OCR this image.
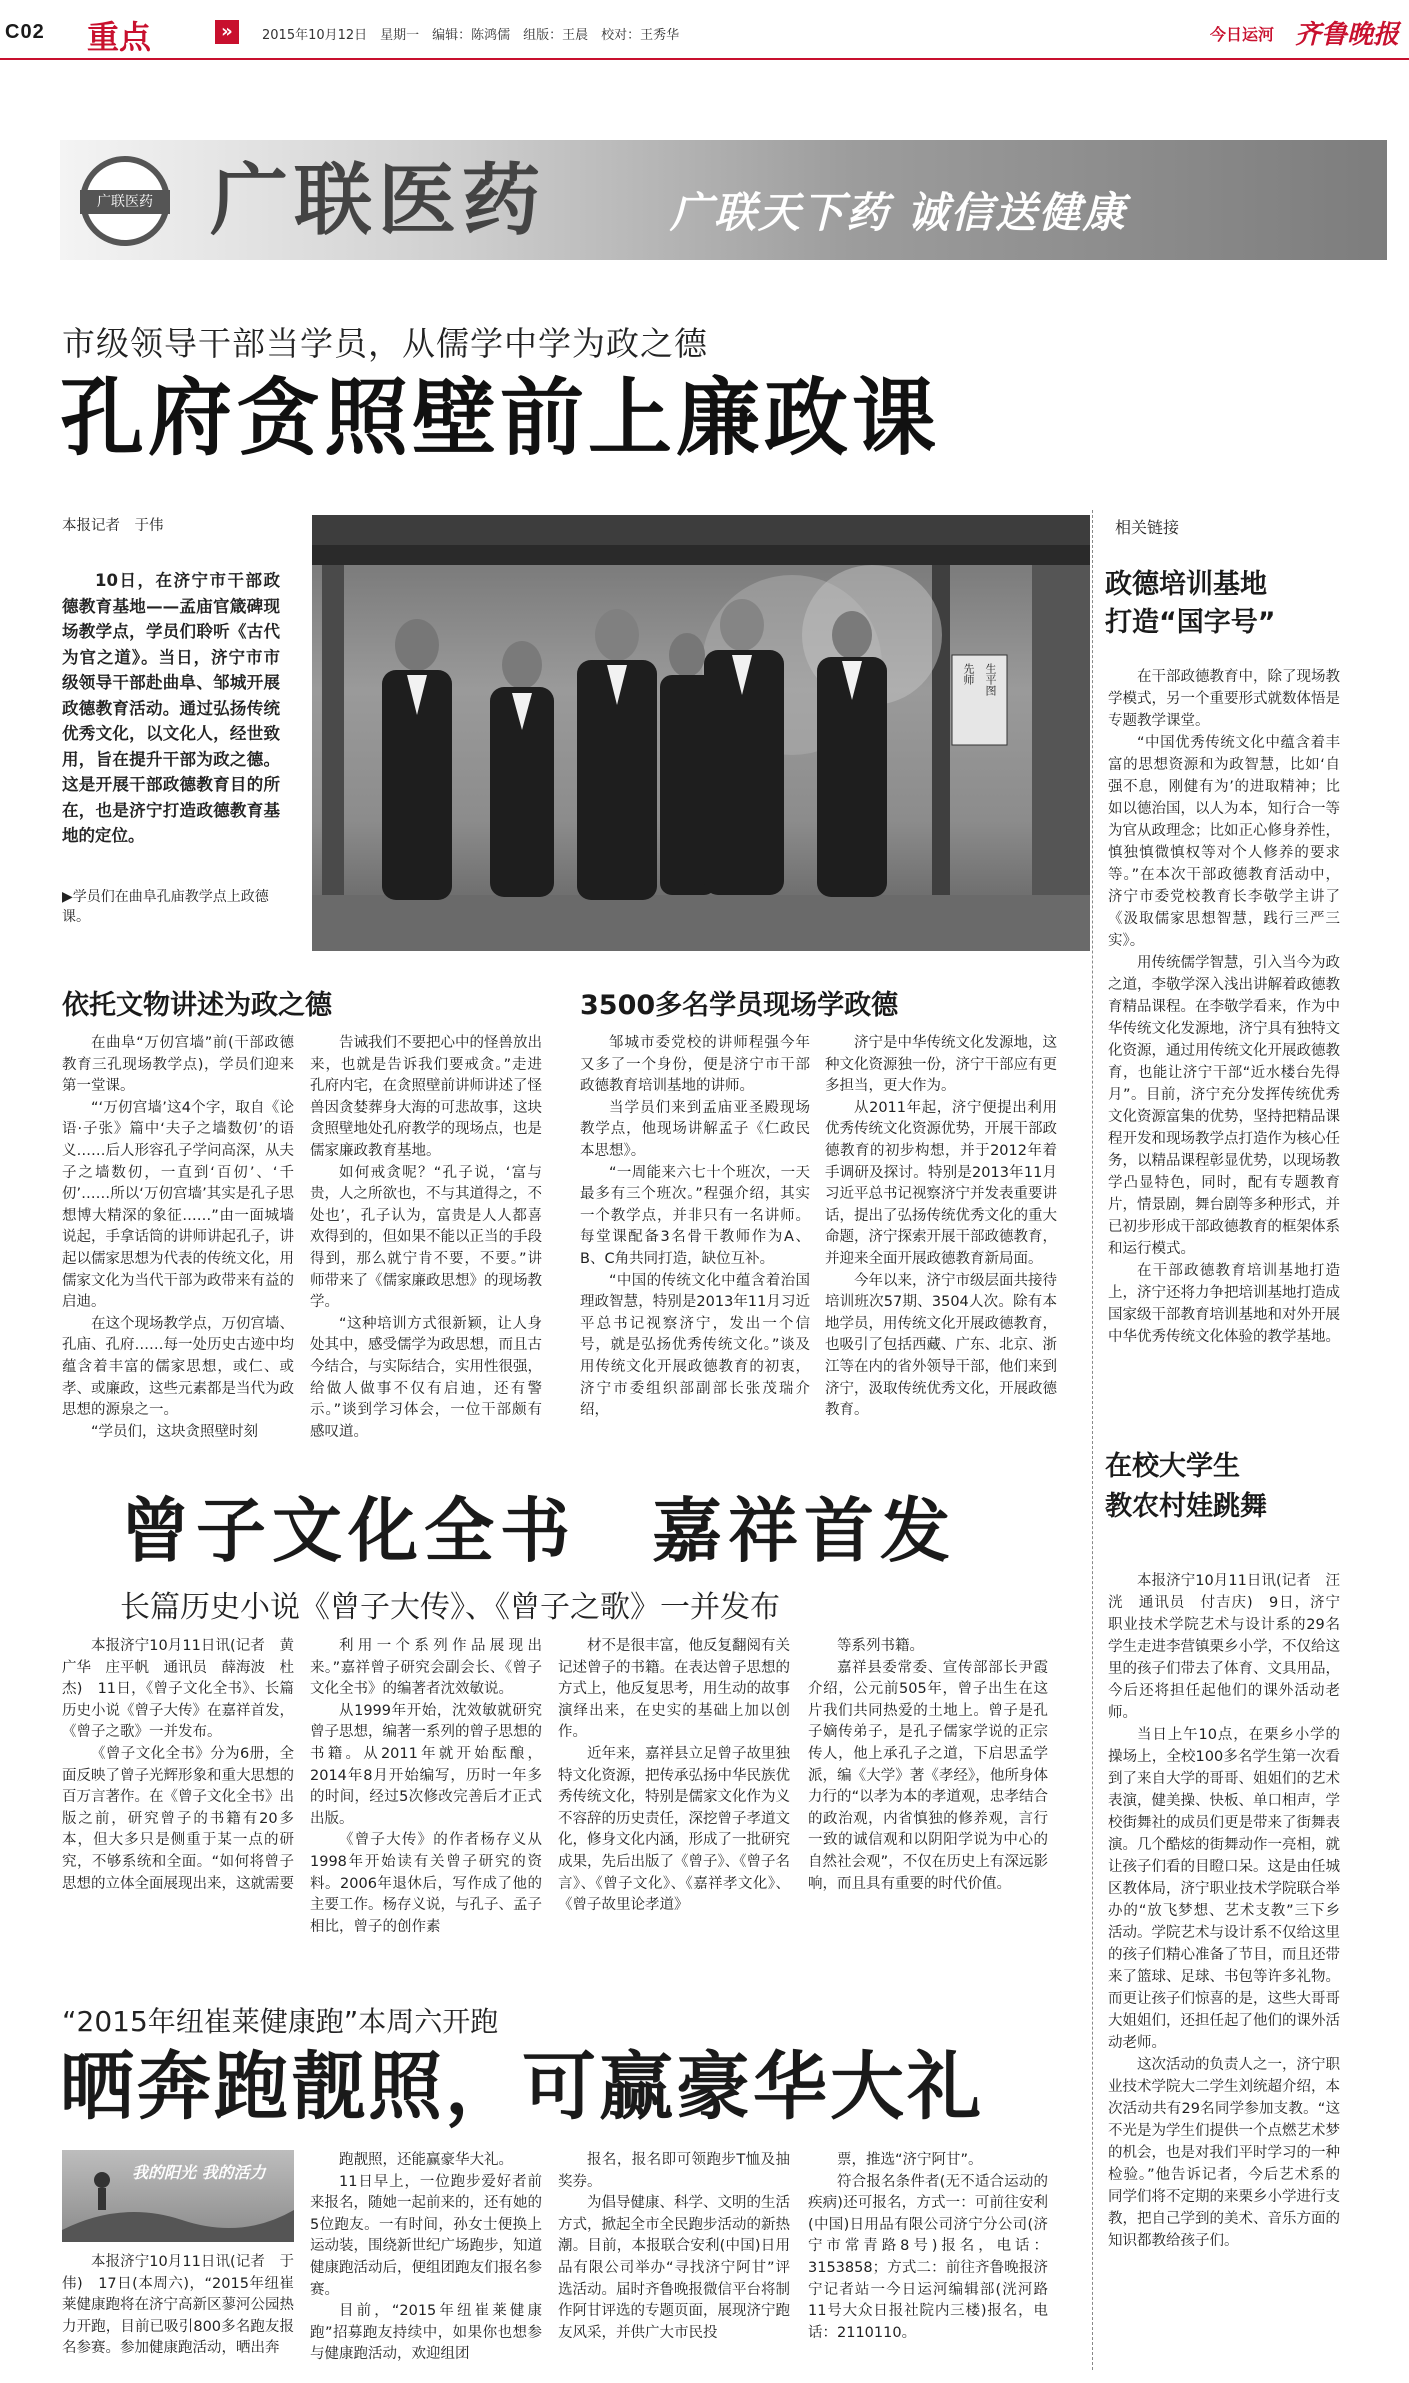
C02 重点	»	2015年10月12日　星期一　编辑：陈鸿儒　组版：王晨　校对：王秀华	今日运河 齐鲁晚报
广联医药 广联医药	广联天下药 诚信送健康
市级领导干部当学员，从儒学中学为政之德
孔府贪照壁前上廉政课
本报记者　于伟
10日，在济宁市干部政德教育基地——孟庙官箴碑现场教学点，学员们聆听《古代为官之道》。当日，济宁市市级领导干部赴曲阜、邹城开展政德教育活动。通过弘扬传统优秀文化，以文化人，经世致用，旨在提升干部为政之德。这是开展干部政德教育目的所在，也是济宁打造政德教育基地的定位。
▶学员们在曲阜孔庙教学点上政德课。
先师 生平图
依托文物讲述为政之德	3500多名学员现场学政德

在曲阜“万仞宫墙”前(干部政德教育三孔现场教学点)，学员们迎来第一堂课。

“‘万仞宫墙’这4个字，取自《论语·子张》篇中‘夫子之墙数仞’的语义……后人形容孔子学问高深，从夫子之墙数仞，一直到‘百仞’、‘千仞’……所以‘万仞宫墙’其实是孔子思想博大精深的象征……”由一面城墙说起，手拿话筒的讲师讲起孔子，讲起以儒家思想为代表的传统文化，用儒家文化为当代干部为政带来有益的启迪。

在这个现场教学点，万仞宫墙、孔庙、孔府……每一处历史古迹中均蕴含着丰富的儒家思想，或仁、或孝、或廉政，这些元素都是当代为政思想的源泉之一。

“学员们，这块贪照壁时刻

告诫我们不要把心中的怪兽放出来，也就是告诉我们要戒贪。”走进孔府内宅，在贪照壁前讲师讲述了怪兽因贪婪葬身大海的可悲故事，这块贪照壁地处孔府教学的现场点，也是儒家廉政教育基地。

如何戒贪呢？“孔子说，‘富与贵，人之所欲也，不与其道得之，不处也’，孔子认为，富贵是人人都喜欢得到的，但如果不能以正当的手段得到，那么就宁肯不要，不要。”讲师带来了《儒家廉政思想》的现场教学。

“这种培训方式很新颖，让人身处其中，感受儒学为政思想，而且古今结合，与实际结合，实用性很强，给做人做事不仅有启迪，还有警示。”谈到学习体会，一位干部颇有感叹道。

邹城市委党校的讲师程强今年又多了一个身份，便是济宁市干部政德教育培训基地的讲师。

当学员们来到孟庙亚圣殿现场教学点，他现场讲解孟子《仁政民本思想》。

“一周能来六七十个班次，一天最多有三个班次。”程强介绍，其实一个教学点，并非只有一名讲师。每堂课配备3名骨干教师作为A、B、C角共同打造，缺位互补。

“中国的传统文化中蕴含着治国理政智慧，特别是2013年11月习近平总书记视察济宁，发出一个信号，就是弘扬优秀传统文化。”谈及用传统文化开展政德教育的初衷，济宁市委组织部副部长张茂瑞介绍，

济宁是中华传统文化发源地，这种文化资源独一份，济宁干部应有更多担当，更大作为。

从2011年起，济宁便提出利用优秀传统文化资源优势，开展干部政德教育的初步构想，并于2012年着手调研及探讨。特别是2013年11月习近平总书记视察济宁并发表重要讲话，提出了弘扬传统优秀文化的重大命题，济宁探索开展干部政德教育，并迎来全面开展政德教育新局面。

今年以来，济宁市级层面共接待培训班次57期、3504人次。除有本地学员，用传统文化开展政德教育，也吸引了包括西藏、广东、北京、浙江等在内的省外领导干部，他们来到济宁，汲取传统优秀文化，开展政德教育。

相关链接
政德培训基地
打造“国字号”

在干部政德教育中，除了现场教学模式，另一个重要形式就数体悟是专题教学课堂。

“中国优秀传统文化中蕴含着丰富的思想资源和为政智慧，比如‘自强不息，刚健有为’的进取精神；比如以德治国，以人为本，知行合一等为官从政理念；比如正心修身养性，慎独慎微慎权等对个人修养的要求等。”在本次干部政德教育活动中，济宁市委党校教育长李敬学主讲了《汲取儒家思想智慧，践行三严三实》。

用传统儒学智慧，引入当今为政之道，李敬学深入浅出讲解着政德教育精品课程。在李敬学看来，作为中华传统文化发源地，济宁具有独特文化资源，通过用传统文化开展政德教育，也能让济宁干部“近水楼台先得月”。目前，济宁充分发挥传统优秀文化资源富集的优势，坚持把精品课程开发和现场教学点打造作为核心任务，以精品课程彰显优势，以现场教学凸显特色，同时，配有专题教育片，情景剧，舞台剧等多种形式，并已初步形成干部政德教育的框架体系和运行模式。

在干部政德教育培训基地打造上，济宁还将力争把培训基地打造成国家级干部教育培训基地和对外开展中华优秀传统文化体验的教学基地。

在校大学生
教农村娃跳舞

本报济宁10月11日讯(记者　汪洸　通讯员　付吉庆)　9日，济宁职业技术学院艺术与设计系的29名学生走进李营镇栗乡小学，不仅给这里的孩子们带去了体育、文具用品，今后还将担任起他们的课外活动老师。

当日上午10点，在栗乡小学的操场上，全校100多名学生第一次看到了来自大学的哥哥、姐姐们的艺术表演，健美操、快板、单口相声，学校街舞社的成员们更是带来了街舞表演。几个酷炫的街舞动作一亮相，就让孩子们看的目瞪口呆。这是由任城区教体局，济宁职业技术学院联合举办的“放飞梦想、艺术支教”三下乡活动。学院艺术与设计系不仅给这里的孩子们精心准备了节目，而且还带来了篮球、足球、书包等许多礼物。而更让孩子们惊喜的是，这些大哥哥大姐姐们，还担任起了他们的课外活动老师。

这次活动的负责人之一，济宁职业技术学院大二学生刘统超介绍，本次活动共有29名同学参加支教。“这不光是为学生们提供一个点燃艺术梦的机会，也是对我们平时学习的一种检验。”他告诉记者，今后艺术系的同学们将不定期的来栗乡小学进行支教，把自己学到的美术、音乐方面的知识都教给孩子们。

曾子文化全书　嘉祥首发
长篇历史小说《曾子大传》、《曾子之歌》一并发布

本报济宁10月11日讯(记者　黄广华　庄平帆　通讯员　薛海波　杜杰)　11日，《曾子文化全书》、长篇历史小说《曾子大传》在嘉祥首发，《曾子之歌》一并发布。

《曾子文化全书》分为6册，全面反映了曾子光辉形象和重大思想的百万言著作。在《曾子文化全书》出版之前，研究曾子的书籍有20多本，但大多只是侧重于某一点的研究，不够系统和全面。“如何将曾子思想的立体全面展现出来，这就需要

利用一个系列作品展现出来。”嘉祥曾子研究会副会长、《曾子文化全书》的编著者沈效敏说。

从1999年开始，沈效敏就研究曾子思想，编著一系列的曾子思想的书籍。从2011年就开始酝酿，2014年8月开始编写，历时一年多的时间，经过5次修改完善后才正式出版。

《曾子大传》的作者杨存义从1998年开始读有关曾子研究的资料。2006年退休后，写作成了他的主要工作。杨存义说，与孔子、孟子相比，曾子的创作素

材不是很丰富，他反复翻阅有关记述曾子的书籍。在表达曾子思想的方式上，他反复思考，用生动的故事演绎出来，在史实的基础上加以创作。

近年来，嘉祥县立足曾子故里独特文化资源，把传承弘扬中华民族优秀传统文化，特别是儒家文化作为义不容辞的历史责任，深挖曾子孝道文化，修身文化内涵，形成了一批研究成果，先后出版了《曾子》、《曾子名言》、《曾子文化》、《嘉祥孝文化》、《曾子故里论孝道》

等系列书籍。

嘉祥县委常委、宣传部部长尹霞介绍，公元前505年，曾子出生在这片我们共同热爱的土地上。曾子是孔子嫡传弟子，是孔子儒家学说的正宗传人，他上承孔子之道，下启思孟学派，编《大学》著《孝经》，他所身体力行的“以孝为本的孝道观，忠孝结合的政治观，内省慎独的修养观，言行一致的诚信观和以阴阳学说为中心的自然社会观”，不仅在历史上有深远影响，而且具有重要的时代价值。

“2015年纽崔莱健康跑”本周六开跑
晒奔跑靓照，可赢豪华大礼
我的阳光 我的活力

本报济宁10月11日讯(记者　于伟)　17日(本周六)，“2015年纽崔莱健康跑将在济宁高新区蓼河公园热力开跑，目前已吸引800多名跑友报名参赛。参加健康跑活动，晒出奔

跑靓照，还能赢豪华大礼。

11日早上，一位跑步爱好者前来报名，随她一起前来的，还有她的5位跑友。一有时间，孙女士便换上运动装，围绕新世纪广场跑步，知道健康跑活动后，便组团跑友们报名参赛。

目前，“2015年纽崔莱健康跑”招募跑友持续中，如果你也想参与健康跑活动，欢迎组团

报名，报名即可领跑步T恤及抽奖券。

为倡导健康、科学、文明的生活方式，掀起全市全民跑步活动的新热潮。目前，本报联合安利(中国)日用品有限公司举办“寻找济宁阿甘”评选活动。届时齐鲁晚报微信平台将制作阿甘评选的专题页面，展现济宁跑友风采，并供广大市民投

票，推选“济宁阿甘”。

符合报名条件者(无不适合运动的疾病)还可报名，方式一：可前往安利(中国)日用品有限公司济宁分公司(济宁市常青路8号)报名，电话：3153858；方式二：前往齐鲁晚报济宁记者站一今日运河编辑部(洸河路11号大众日报社院内三楼)报名，电话：2110110。
